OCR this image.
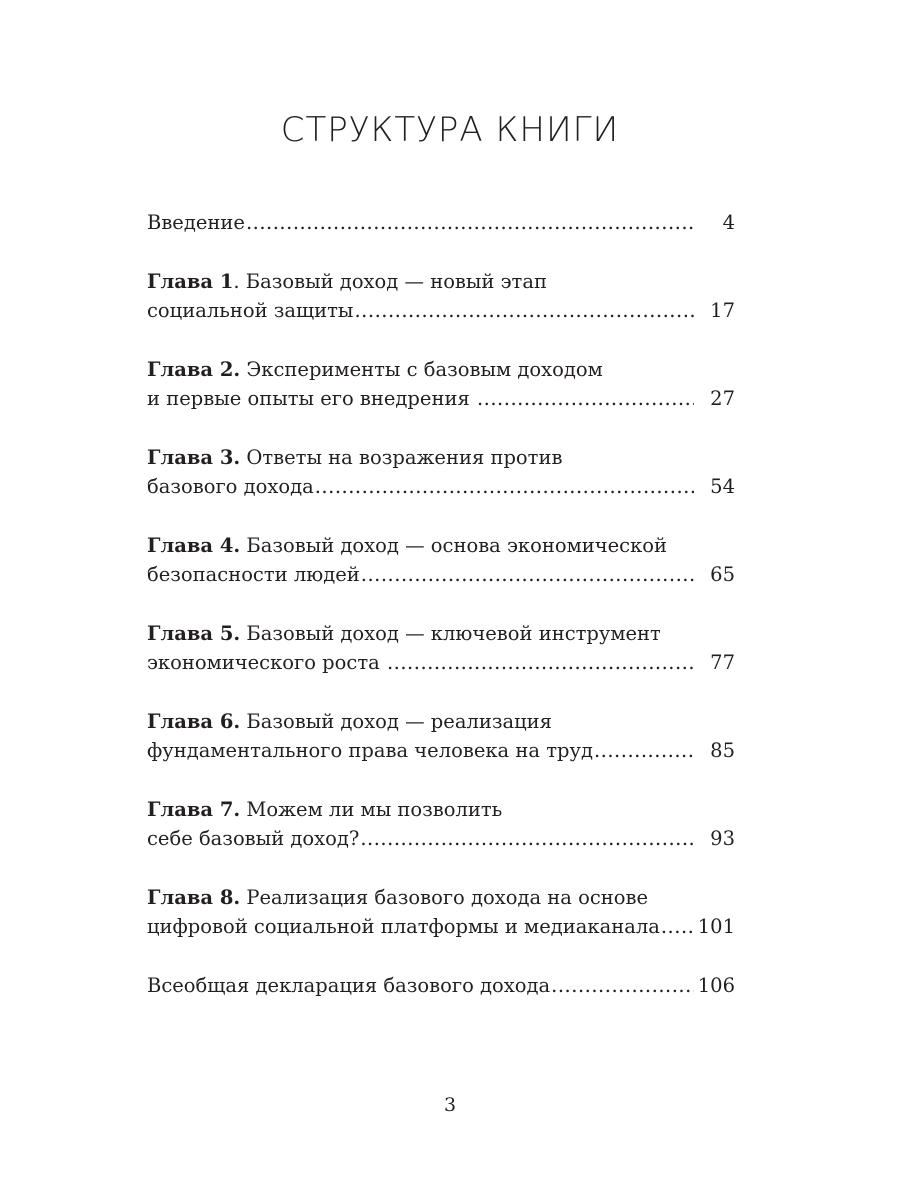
СТРУКТУРА КНИГИ
Введение .....	4
Глава 1. Базовый доход — новый этап
социальной защиты .....	17
Глава 2. Эксперименты с базовым доходом
и первые опыты его внедрения .....	27
Глава 3. Ответы на возражения против
базового дохода .....	54
Глава 4. Базовый доход — основа экономической
безопасности людей .....	65
Глава 5. Базовый доход — ключевой инструмент
экономического роста .....	77
Глава 6. Базовый доход — реализация
фундаментального права человека на труд .....	85
Глава 7. Можем ли мы позволить
себе базовый доход? .....	93
Глава 8. Реализация базового дохода на основе
цифровой социальной платформы и медиаканала ..... 101
Всеобщая декларация базового дохода .....	106
3
